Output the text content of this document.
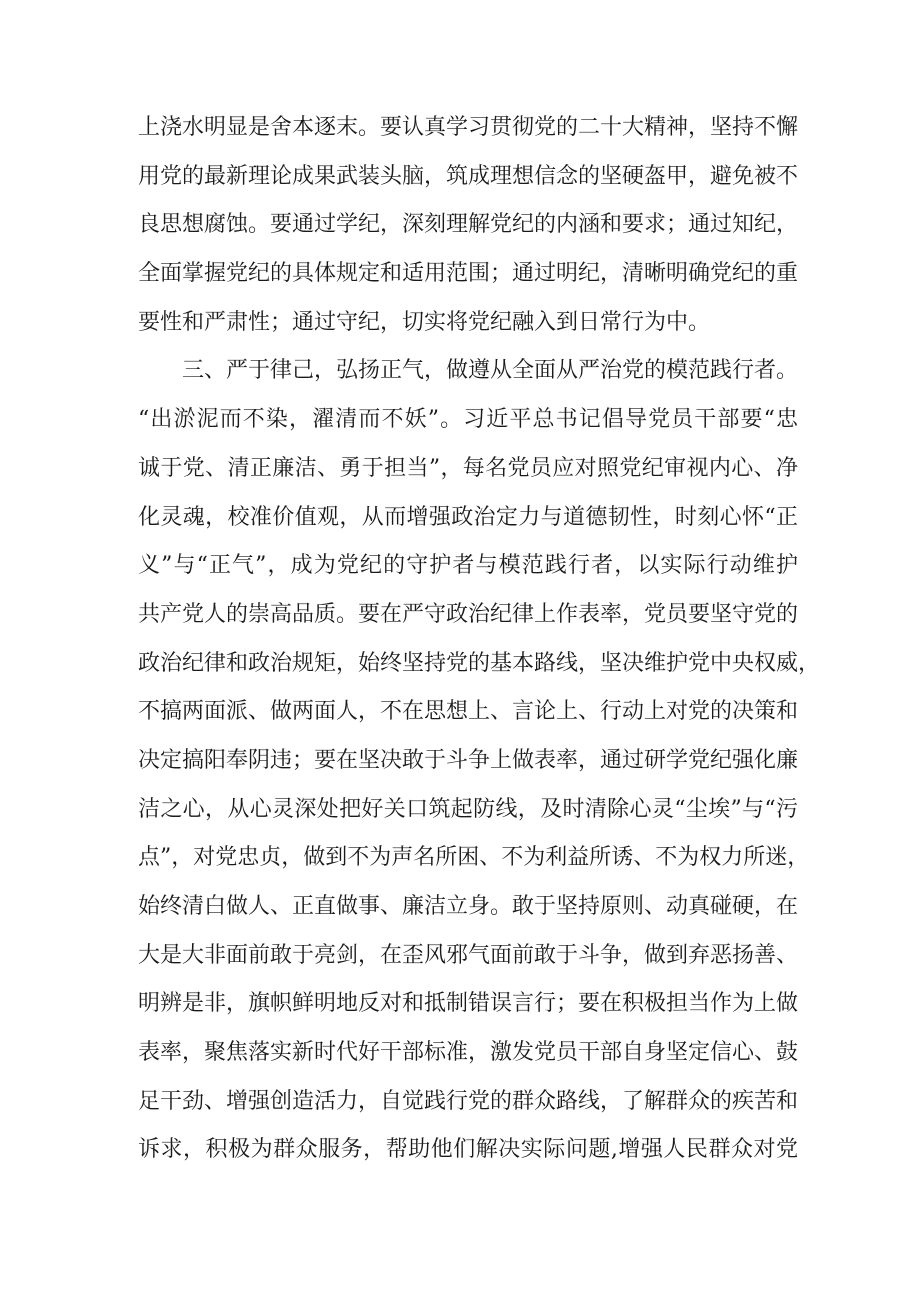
上浇水明显是舍本逐末。要认真学习贯彻党的二十大精神，坚持不懈
用党的最新理论成果武装头脑，筑成理想信念的坚硬盔甲，避免被不
良思想腐蚀。要通过学纪，深刻理解党纪的内涵和要求；通过知纪，
全面掌握党纪的具体规定和适用范围；通过明纪，清晰明确党纪的重
要性和严肃性；通过守纪，切实将党纪融入到日常行为中。
三、严于律己，弘扬正气，做遵从全面从严治党的模范践行者。
“出淤泥而不染，濯清而不妖”。习近平总书记倡导党员干部要“忠
诚于党、清正廉洁、勇于担当”，每名党员应对照党纪审视内心、净
化灵魂，校准价值观，从而增强政治定力与道德韧性，时刻心怀“正
义”与“正气”，成为党纪的守护者与模范践行者，以实际行动维护
共产党人的崇高品质。要在严守政治纪律上作表率，党员要坚守党的
政治纪律和政治规矩，始终坚持党的基本路线，坚决维护党中央权威，
不搞两面派、做两面人，不在思想上、言论上、行动上对党的决策和
决定搞阳奉阴违；要在坚决敢于斗争上做表率，通过研学党纪强化廉
洁之心，从心灵深处把好关口筑起防线，及时清除心灵“尘埃”与“污
点”，对党忠贞，做到不为声名所困、不为利益所诱、不为权力所迷，
始终清白做人、正直做事、廉洁立身。敢于坚持原则、动真碰硬，在
大是大非面前敢于亮剑，在歪风邪气面前敢于斗争，做到弃恶扬善、
明辨是非，旗帜鲜明地反对和抵制错误言行；要在积极担当作为上做
表率，聚焦落实新时代好干部标准，激发党员干部自身坚定信心、鼓
足干劲、增强创造活力，自觉践行党的群众路线，了解群众的疾苦和
诉求，积极为群众服务，帮助他们解决实际问题,增强人民群众对党
